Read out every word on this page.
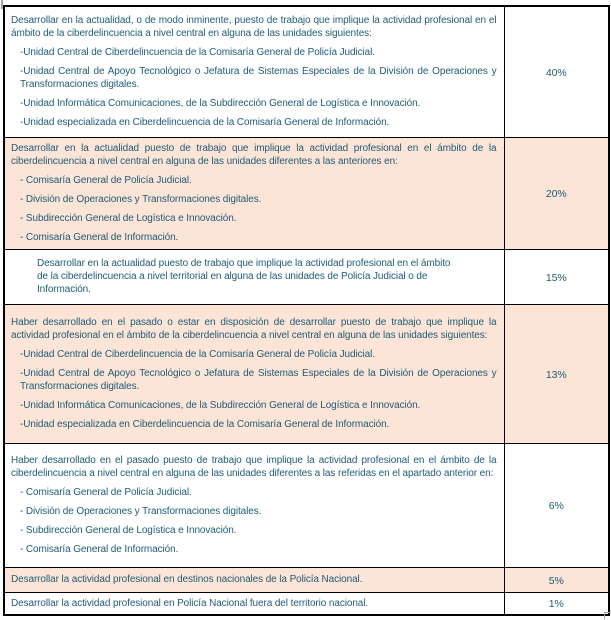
Desarrollar en la actualidad, o de modo inminente, puesto de trabajo que implique la actividad profesional en el ámbito de la ciberdelincuencia a nivel central en alguna de las unidades siguientes:

-Unidad Central de Ciberdelincuencia de la Comisaría General de Policía Judicial.

-Unidad Central de Apoyo Tecnológico o Jefatura de Sistemas Especiales de la División de Operaciones y Transformaciones digitales.

-Unidad Informática Comunicaciones, de la Subdirección General de Logística e Innovación.

-Unidad especializada en Ciberdelincuencia de la Comisaría General de Información.	40%

Desarrollar en la actualidad puesto de trabajo que implique la actividad profesional en el ámbito de la ciberdelincuencia a nivel central en alguna de las unidades diferentes a las anteriores en:

- Comisaría General de Policía Judicial.

- División de Operaciones y Transformaciones digitales.

- Subdirección General de Logística e Innovación.

- Comisaría General de Información.	20%

Desarrollar en la actualidad puesto de trabajo que implique la actividad profesional en el ámbito de la ciberdelincuencia a nivel territorial en alguna de las unidades de Policía Judicial o de Información.	15%

Haber desarrollado en el pasado o estar en disposición de desarrollar puesto de trabajo que implique la actividad profesional en el ámbito de la ciberdelincuencia a nivel central en alguna de las unidades siguientes:

-Unidad Central de Ciberdelincuencia de la Comisaría General de Policía Judicial.

-Unidad Central de Apoyo Tecnológico o Jefatura de Sistemas Especiales de la División de Operaciones y Transformaciones digitales.

-Unidad Informática Comunicaciones, de la Subdirección General de Logística e Innovación.

-Unidad especializada en Ciberdelincuencia de la Comisaría General de Información.	13%

Haber desarrollado en el pasado puesto de trabajo que implique la actividad profesional en el ámbito de la ciberdelincuencia a nivel central en alguna de las unidades diferentes a las referidas en el apartado anterior en:

- Comisaría General de Policía Judicial.

- División de Operaciones y Transformaciones digitales.

- Subdirección General de Logística e Innovación.

- Comisaría General de Información.	6%

Desarrollar la actividad profesional en destinos nacionales de la Policía Nacional.	5%

Desarrollar la actividad profesional en Policía Nacional fuera del territorio nacional.	1%
